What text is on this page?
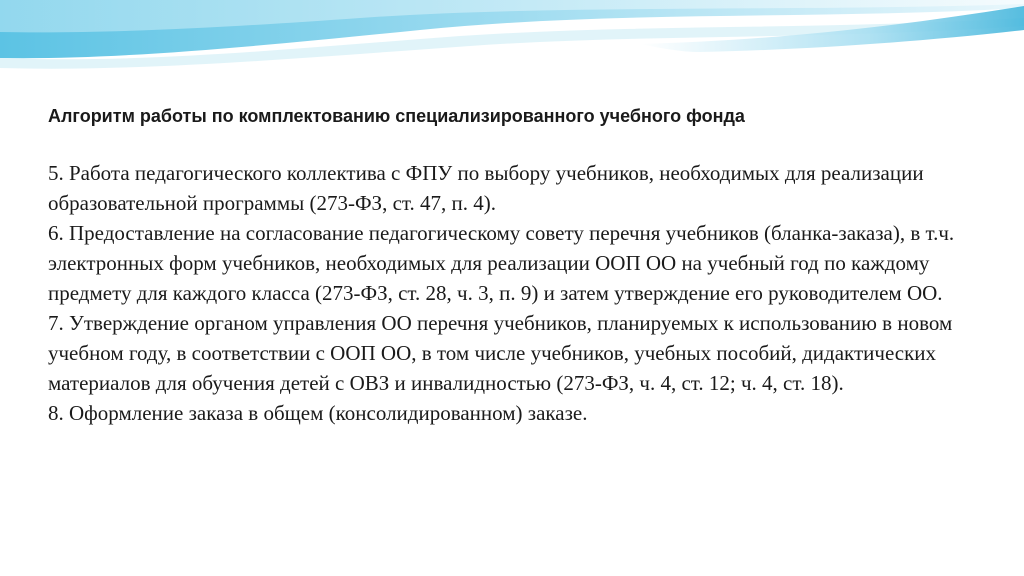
Алгоритм работы по комплектованию специализированного учебного фонда

5. Работа педагогического коллектива с ФПУ по выбору учебников, необходимых для реализации образовательной программы (273-ФЗ, ст. 47, п. 4).

6. Предоставление на согласование педагогическому совету перечня учебников (бланка-заказа), в т.ч. электронных форм учебников, необходимых для реализации ООП ОО на учебный год по каждому предмету для каждого класса (273-ФЗ, ст. 28, ч. 3, п. 9) и затем утверждение его руководителем ОО.

7. Утверждение органом управления ОО перечня учебников, планируемых к использованию в новом учебном году, в соответствии с ООП ОО, в том числе учебников, учебных пособий, дидактических материалов для обучения детей с ОВЗ и инвалидностью (273-ФЗ, ч. 4, ст. 12; ч. 4, ст. 18).

8. Оформление заказа в общем (консолидированном) заказе.
